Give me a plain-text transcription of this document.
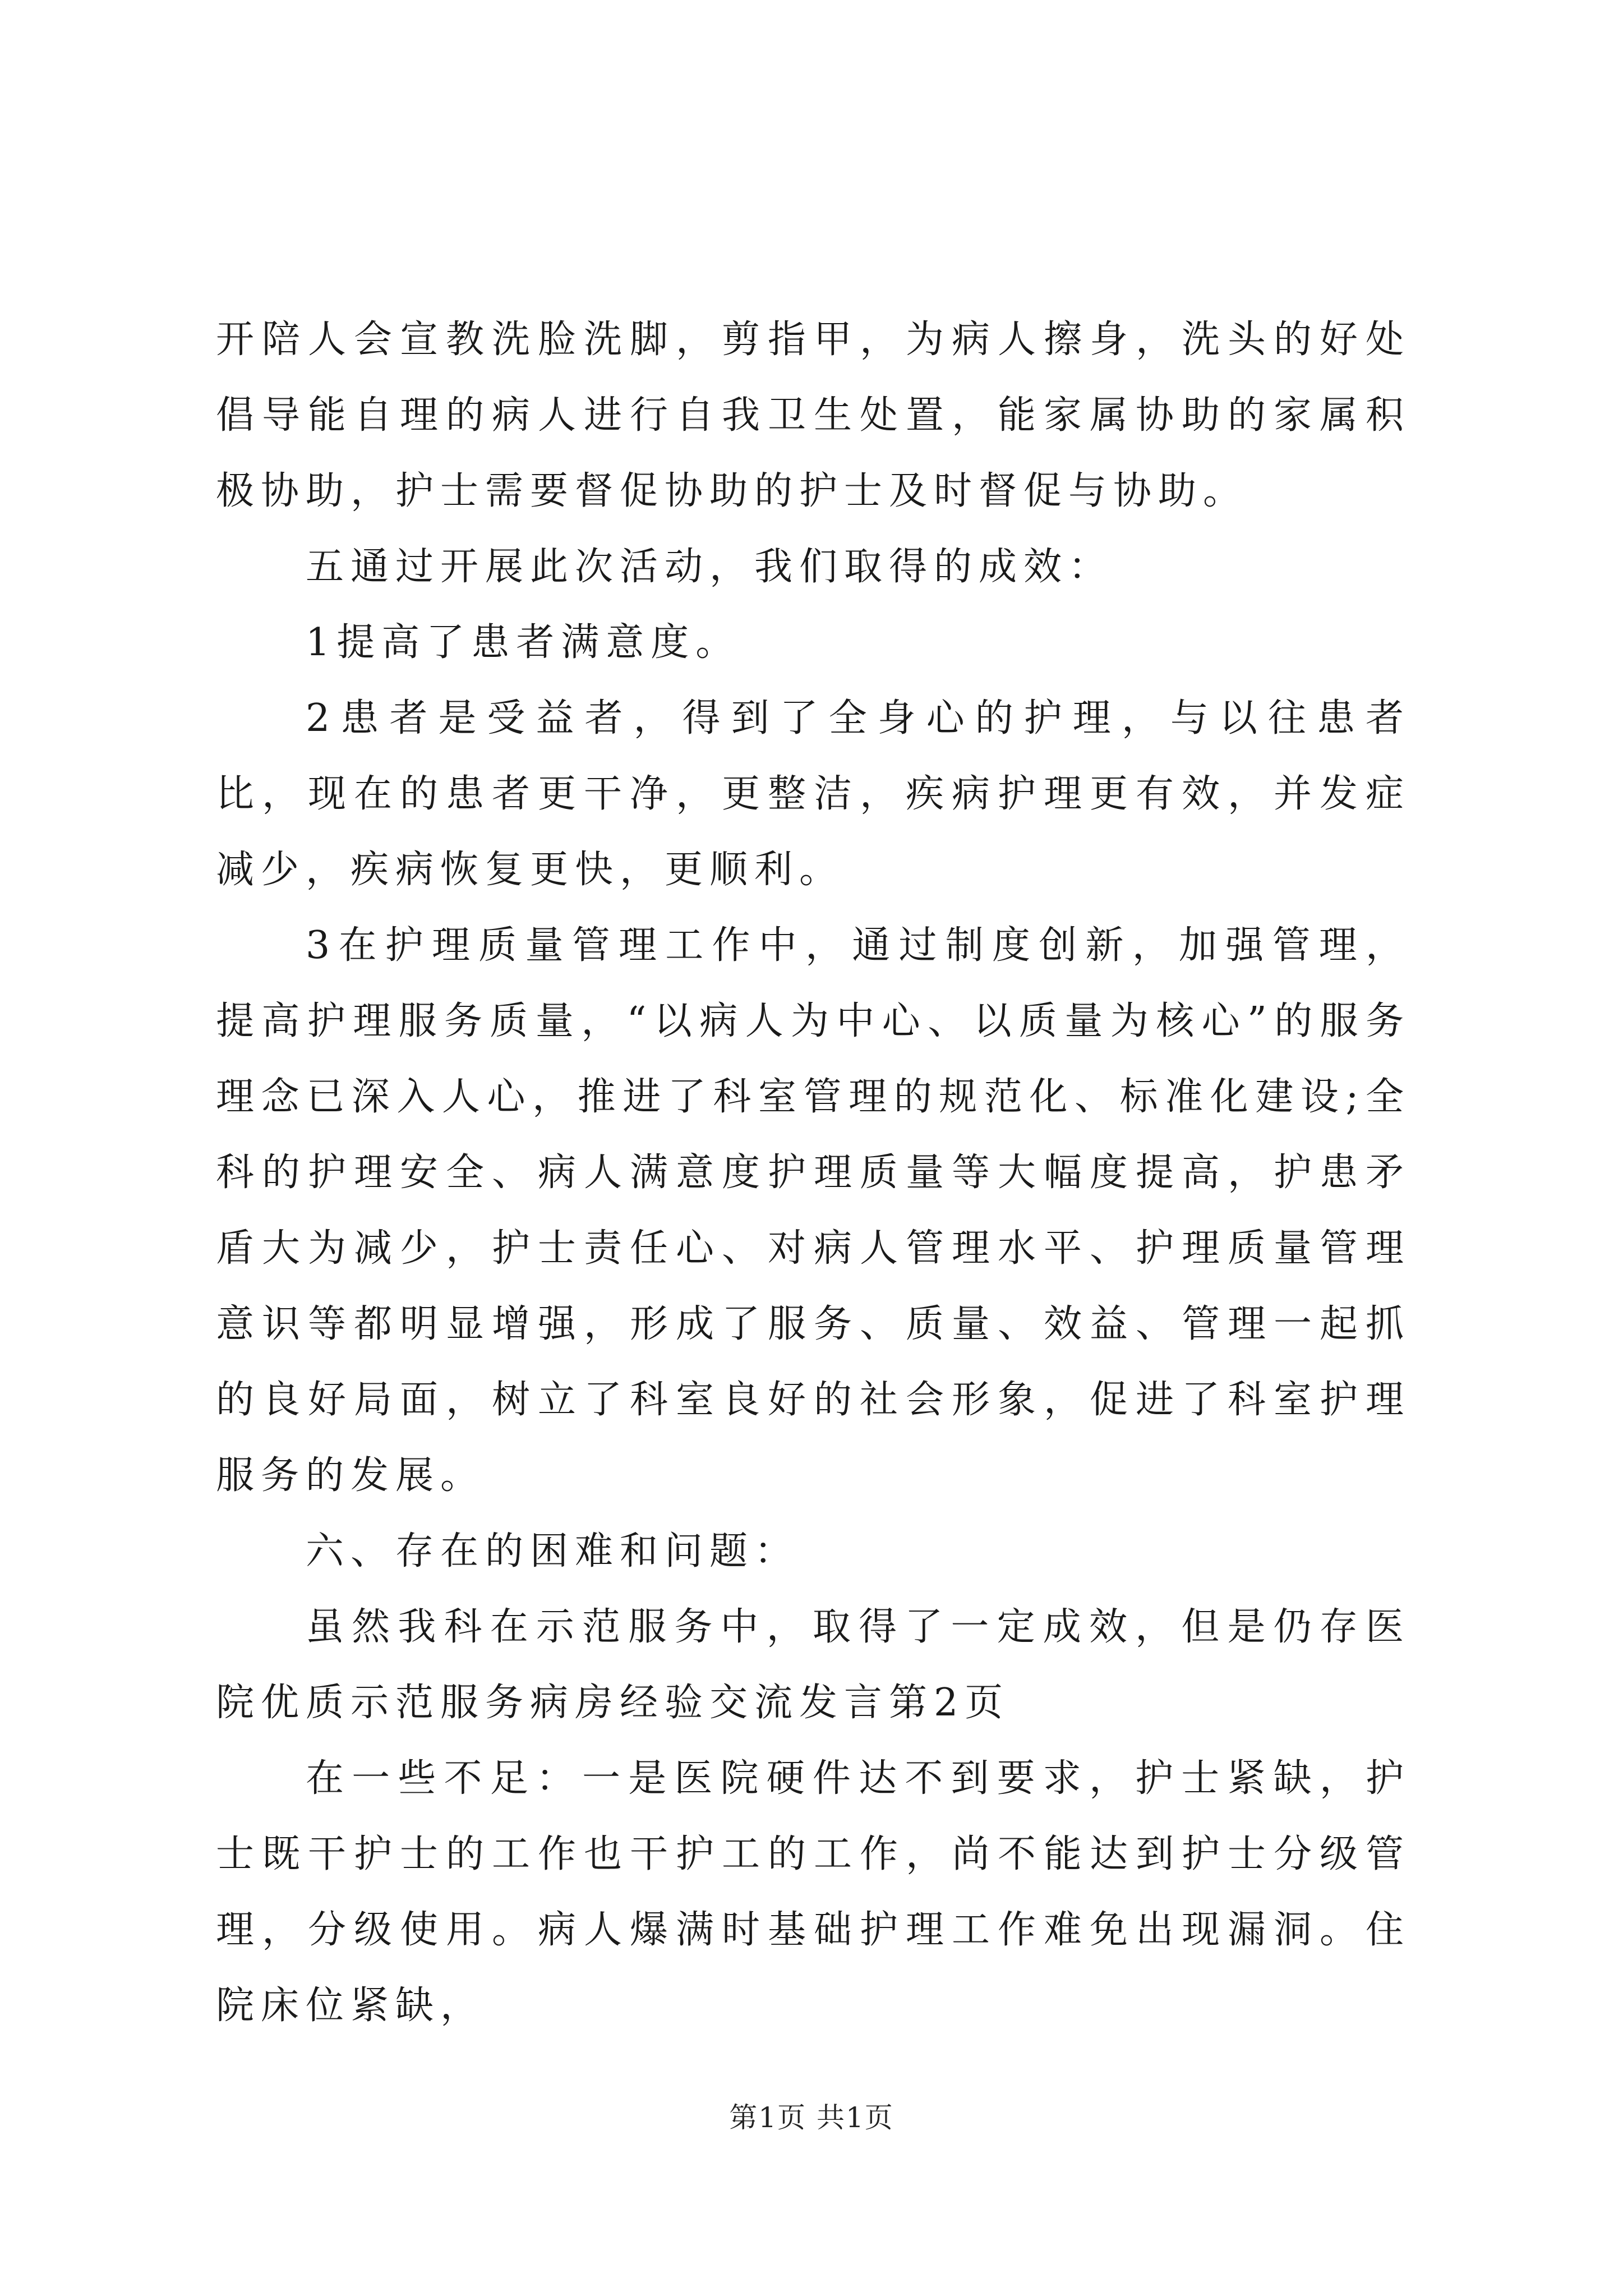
开陪人会宣教洗脸洗脚，剪指甲，为病人擦身，洗头的好处倡导能自理的病人进行自我卫生处置，能家属协助的家属积极协助，护士需要督促协助的护士及时督促与协助。

五通过开展此次活动，我们取得的成效：

1提高了患者满意度。

2患者是受益者，得到了全身心的护理，与以往患者比，现在的患者更干净，更整洁，疾病护理更有效，并发症减少，疾病恢复更快，更顺利。

3在护理质量管理工作中，通过制度创新，加强管理，提高护理服务质量，“以病人为中心、以质量为核心”的服务理念已深入人心，推进了科室管理的规范化、标准化建设;全科的护理安全、病人满意度护理质量等大幅度提高，护患矛盾大为减少，护士责任心、对病人管理水平、护理质量管理意识等都明显增强，形成了服务、质量、效益、管理一起抓的良好局面，树立了科室良好的社会形象，促进了科室护理服务的发展。

六、存在的困难和问题：

虽然我科在示范服务中，取得了一定成效，但是仍存医院优质示范服务病房经验交流发言第2页

在一些不足：一是医院硬件达不到要求，护士紧缺，护士既干护士的工作也干护工的工作，尚不能达到护士分级管理，分级使用。病人爆满时基础护理工作难免出现漏洞。住院床位紧缺，

第1页 共1页
